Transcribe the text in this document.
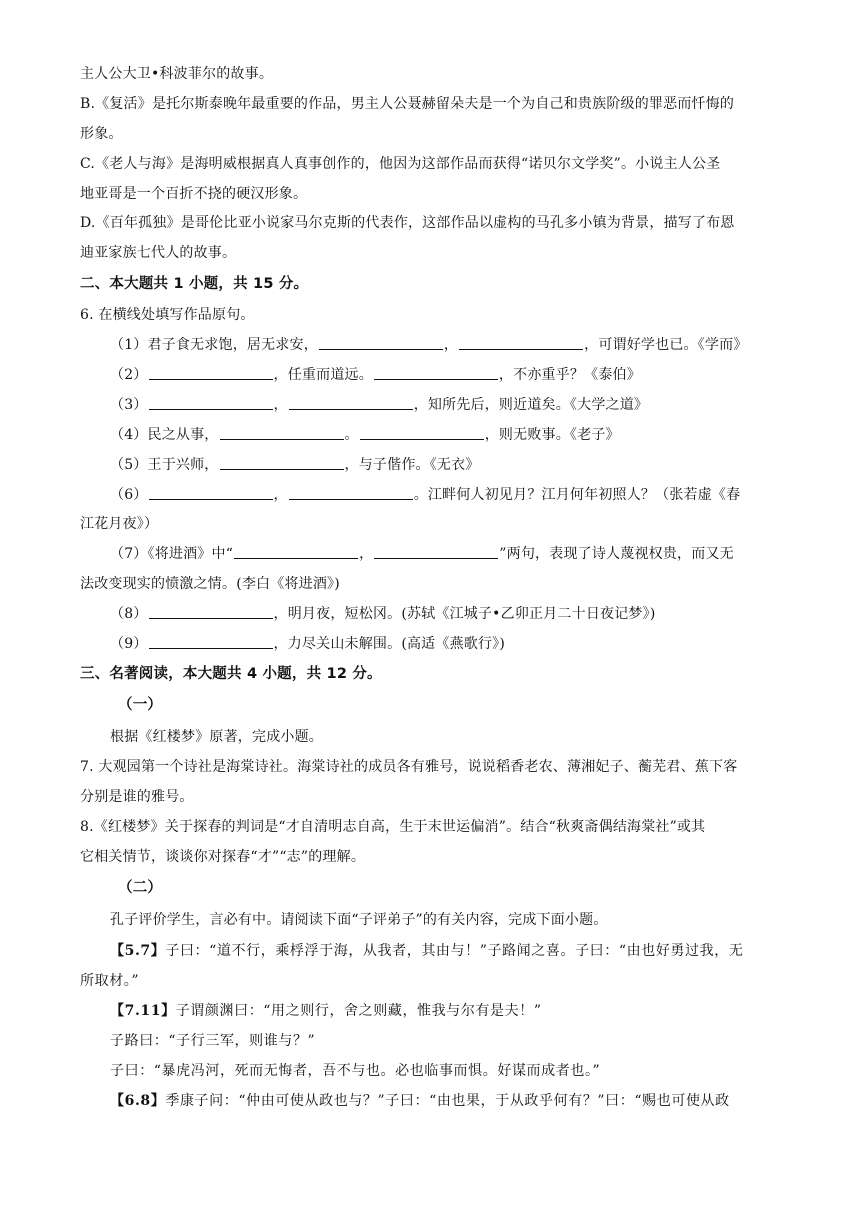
主人公大卫•科波菲尔的故事。
B.《复活》是托尔斯泰晚年最重要的作品，男主人公聂赫留朵夫是一个为自己和贵族阶级的罪恶而忏悔的
形象。
C.《老人与海》是海明威根据真人真事创作的，他因为这部作品而获得“诺贝尔文学奖”。小说主人公圣
地亚哥是一个百折不挠的硬汉形象。
D.《百年孤独》是哥伦比亚小说家马尔克斯的代表作，这部作品以虚构的马孔多小镇为背景，描写了布恩
迪亚家族七代人的故事。
二、本大题共 1 小题，共 15 分。
6. 在横线处填写作品原句。
（1）君子食无求饱，居无求安，	，	，可谓好学也已。《学而》
（2）	，任重而道远。	，不亦重乎？《泰伯》
（3）	，	，知所先后，则近道矣。《大学之道》
（4）民之从事，	。	，则无败事。《老子》
（5）王于兴师，	，与子偕作。《无衣》
（6）	，	。江畔何人初见月？江月何年初照人？（张若虚《春
江花月夜》）
（7）《将进酒》中“	，	”两句，表现了诗人蔑视权贵，而又无
法改变现实的愤激之情。(李白《将进酒》)
（8）	，明月夜，短松冈。(苏轼《江城子•乙卯正月二十日夜记梦》)
（9）	，力尽关山未解围。(高适《燕歌行》)
三、名著阅读，本大题共 4 小题，共 12 分。
（一）
根据《红楼梦》原著，完成小题。
7. 大观园第一个诗社是海棠诗社。海棠诗社的成员各有雅号，说说稻香老农、薄湘妃子、蘅芜君、蕉下客
分别是谁的雅号。
8.《红楼梦》关于探春的判词是“才自清明志自高，生于末世运偏消”。结合“秋爽斋偶结海棠社”或其
它相关情节，谈谈你对探春“才”“志”的理解。
（二）
孔子评价学生，言必有中。请阅读下面“子评弟子”的有关内容，完成下面小题。
【5.7】子曰：“道不行，乘桴浮于海，从我者，其由与！”子路闻之喜。子曰：“由也好勇过我，无
所取材。”
【7.11】子谓颜渊曰：“用之则行，舍之则藏，惟我与尔有是夫！”
子路曰：“子行三军，则谁与？”
子曰：“暴虎冯河，死而无悔者，吾不与也。必也临事而惧。好谋而成者也。”
【6.8】季康子问：“仲由可使从政也与？”子曰：“由也果，于从政乎何有？”曰：“赐也可使从政
